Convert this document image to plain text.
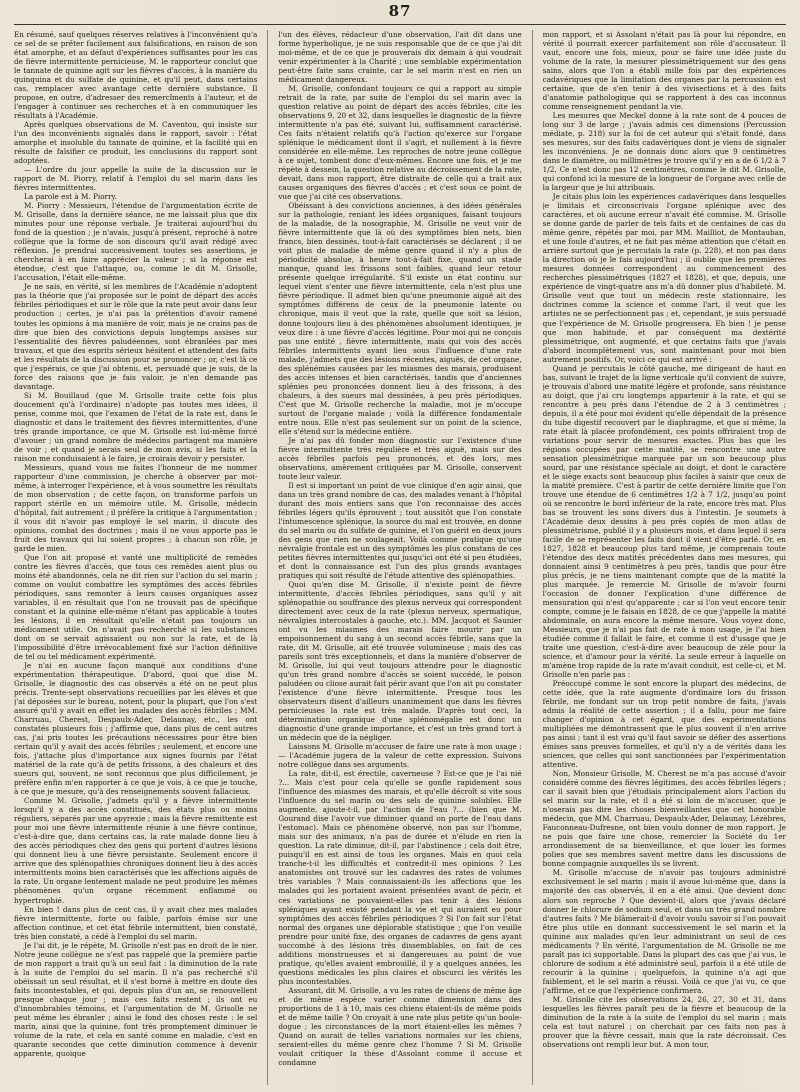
87

En résumé, sauf quelques réserves relatives à l'inconvénient qu'a ce sel de se prêter facilement aux falsifications, en raison de son état amorphe, et au défaut d'expériences suffisantes pour les cas de fièvre intermittente pernicieuse, M. le rapporteur conclut que le tannate de quinine agit sur les fièvres d'accès, à la manière du quinquina et du sulfate de quinine, et qu'il peut, dans certains cas, remplacer avec avantage cette dernière substance. Il propose, en outre, d'adresser des remercîments à l'auteur, et de l'engager à continuer ses recherches et à en communiquer les résultats à l'Académie.

Après quelques observations de M. Caventou, qui insiste sur l'un des inconvénients signalés dans le rapport, savoir : l'état amorphe et insoluble du tannate de quinine, et la facilité qui en résulte de falsifier ce produit, les conclusions du rapport sont adoptées.

— L'ordre du jour appelle la suite de la discussion sur le rapport de M. Piorry, relatif à l'emploi du sel marin dans les fièvres intermittentes.

La parole est à M. Piorry.

M. Piorry : Messieurs, l'étendue de l'argumentation écrite de M. Grisolle, dans la dernière séance, ne me laissait plus que dix minutes pour une réponse verbale. Je traiterai aujourd'hui du fond de la question ; je n'avais, jusqu'à présent, reproché à notre collègue que la forme de son discours qu'il avait rédigé avec réflexion. Je prendrai successivement toutes ses assertions, je chercherai à en faire apprécier la valeur ; si la réponse est étendue, c'est que l'attaque, ou, comme le dit M. Grisolle, l'accusation, l'était elle-même.

Je ne sais, en vérité, si les membres de l'Académie n'adoptent pas la théorie que j'ai proposée sur le point de départ des accès fébriles périodiques et sur le rôle que la rate peut avoir dans leur production ; certes, je n'ai pas la prétention d'avoir ramené toutes les opinions à ma manière de voir, mais je ne crains pas de dire que bien des convictions depuis longtemps assises sur l'essentialité des fièvres paludéennes, sont ébranlées par mes travaux, et que des esprits sérieux hésitent et attendent des faits et les résultats de la discussion pour se prononcer ; or, c'est là ce que j'espérais, ce que j'ai obtenu, et, persuadé que je suis, de la force des raisons que je fais valoir, je n'en demande pas davantage.

Si M. Bouillaud (que M. Grisolle traite cette fois plus doucement qu'à l'ordinaire) n'adopte pas toutes mes idées, il pense, comme moi, que l'examen de l'état de la rate est, dans le diagnostic et dans le traitement des fièvres intermittentes, d'une très grande importance, ce que M. Grisolle est lui-même forcé d'avouer ; un grand nombre de médecins partagent ma manière de voir ; et quand je serais seul de mon avis, si les faits et la raison me conduisaient à le faire, je croirais devoir y persister.

Messieurs, quand vous me faites l'honneur de me nommer rapporteur d'une commission, je cherche à observer par moi-même, à interroger l'expérience, et à vous soumettre les résultats de mon observation ; de cette façon, on transforme parfois un rapport stérile en un mémoire utile. M. Grisolle, médecin d'hôpital, fait autrement ; il préfère la critique à l'argumentation ; il vous dit n'avoir pas employé le sel marin, il discute des opinions, combat des doctrines ; mais il ne vous apporte pas le fruit des travaux qui lui soient propres ; à chacun son rôle, je garde le mien.

Que l'on ait proposé et vanté une multiplicité de remèdes contre les fièvres d'accès, que tous ces remèdes aient plus ou moins été abandonnés, cela ne dit rien sur l'action du sel marin ; comme on voulut combattre les symptômes des accès fébriles périodiques, sans remonter à leurs causes organiques assez variables, il en résultait que l'on ne trouvait pas de spécifique constant et la quinine elle-même n'étant pas applicable à toutes les lésions, il en résultait qu'elle n'était pas toujours un médicament utile. On n'avait pas recherché si les substances dont on se servait agissaient ou non sur la rate, et de là l'impossibilité d'être irrévocablement fixé sur l'action définitive de tel ou tel médicament expérimenté.

Je n'ai en aucune façon manqué aux conditions d'une expérimentation thérapeutique. D'abord, quoi que dise M. Grisolle, le diagnostic des cas observés a été on ne peut plus précis. Trente-sept observations recueillies par les élèves et que j'ai déposées sur le bureau, notent, pour la plupart, que l'on s'est assuré qu'il y avait en effet les malades des accès fébriles ; MM. Charruau, Cherest, Despaulx-Ader, Delaunay, etc., les ont constatés plusieurs fois ; j'affirme que, dans plus de cent autres cas, j'ai pris toutes les précautions nécessaires pour être bien certain qu'il y avait des accès fébriles ; seulement, et encore une fois, j'attache plus d'importance aux signes fournis par l'état matériel de la rate qu'à de petits frissons, à des chaleurs et des sueurs qui, souvent, ne sont reconnus que plus difficilement, je préfère enfin m'en rapporter à ce que je vois, à ce que je touche, à ce que je mesure, qu'à des renseignements souvent fallacieux.

Comme M. Grisolle, j'admets qu'il y a fièvre intermittente lorsqu'il y a des accès constitués, des états plus ou moins réguliers, séparés par une apyrexie ; mais la fièvre remittente est pour moi une fièvre intermittente réunie à une fièvre continue, c'est-à-dire que, dans certains cas, la rate malade donne lieu à des accès périodiques chez des gens qui portent d'autres lésions qui donnent lieu à une fièvre persistante. Seulement encore il arrive que des splénopathies chroniques donnent lieu à des accès intermittents moins bien caractérisés que les affections aiguës de la rate. Un organe lentement malade ne peut produire les mêmes phénomènes qu'un organe récemment enflammé ou hypertrophié.

En bien ! dans plus de cent cas, il y avait chez mes malades fièvre intermittente, forte ou faible, parfois émise sur une affection continue, et cet état fébrile intermittent, bien constaté, très bien constaté, a cédé à l'emploi du sel marin.

Je l'ai dit, je le répète, M. Grisolle n'est pas en droit de le nier. Notre jeune collègue ne s'est pas rappelé que la première partie de mon rapport a trait qu'à un seul fait : la diminution de la rate à la suite de l'emploi du sel marin. Il n'a pas recherché s'il obéissait un seul résultat, et il s'est borné à mettre en doute des faits incontestables, et qui, depuis plus d'un an, se renouvellent presque chaque jour ; mais ces faits restent ; ils ont eu d'innombrables témoins, et l'argumentation de M. Grisolle ne peut même les ébranler ; ainsi le fond des choses reste : le sel marin, ainsi que la quinine, font très promptement diminuer le volume de la rate, et cela en santé comme en maladie, c'est en quarante secondes que cette diminution commence à devenir apparente, quoique

l'un des élèves, rédacteur d'une observation, l'ait dit dans une forme hyperbolique, je ne suis responsable que de ce que j'ai dit moi-même, et de ce que je prouverais dix demain à qui voudrait venir expérimenter à la Charité ; une semblable expérimentation peut-être faite sans crainte, car le sel marin n'est en rien un médicament dangereux.

M. Grisolle, confondant toujours ce qui a rapport au simple retrait de la rate, par suite de l'emploi du sel marin avec la question relative au point de départ des accès fébriles, cite les observations 9, 20 et 32, dans lesquelles le diagnostic de la fièvre intermittente n'a pas été, suivant lui, suffisamment caractérisé. Ces faits n'étaient relatifs qu'à l'action qu'exerce sur l'organe splénique le médicament dont il s'agit, et nullement à la fièvre considérée en elle-même. Les reproches de notre jeune collègue à ce sujet, tombent donc d'eux-mêmes. Encore une fois, et je me répète à dessein, la question relative au décroissement de la rate, devait, dans mon rapport, être distraite de celle qui a trait aux causes organiques des fièvres d'accès ; et c'est sous ce point de vue que j'ai cité ces observations.

Obéissant à des convictions anciennes, à des idées générales sur la pathologie, reniant les idées organiques, faisant toujours de la maladie, de la nosographie, M. Grisolle ne veut voir de fièvre intermittente que là où des symptômes bien nets, bien francs, bien dessinés, tout-à-fait caractérisés se déclarent ; il ne voit plus de maladie de même genre quand il n'y a plus de périodicité absolue, à heure tout-à-fait fixe, quand un stade manque, quand les frissons sont faibles, quand leur retour présente quelque irrégularité. S'il existe un état continu sur lequel vient s'enter une fièvre intermittente, cela n'est plus une fièvre périodique. Il admet bien qu'une pneumonie aiguë ait des symptômes différens de ceux de la pneumonie latente ou chronique, mais il veut que la rate, quelle que soit sa lésion, donne toujours lieu à des phénomènes absolument identiques, je veux dire : à une fièvre d'accès légitime. Pour moi qui ne conçois pas une entité , fièvre intermittente, mais qui vois des accès fébriles intermittents ayant lieu sous l'influence d'une rate malade, j'admets que des lésions récentes, aiguës, de cet organe, des splénémies causées par les miasmes des marais, produisent des accès intenses et bien caractérisés, tandis que d'anciennes splénies peu prononcées donnent lieu à des frissons, à des chaleurs, à des sueurs mal dessinées, à peu près périodiques. C'est que M. Grisolle recherche la maladie, moi je m'occupe surtout de l'organe malade ; voilà la différence fondamentale entre nous. Elle n'est pas seulement sur un point de la science, elle s'étend sur la médecine entière.

Je n'ai pas dû fonder mon diagnostic sur l'existence d'une fièvre intermittente très régulière et très aiguë, mais sur des accès fébriles parfois peu prononcés, et dès lors, mes observations, amèrement critiquées par M. Grisolle, conservent toute leur valeur.

Il est si important un point de vue clinique d'en agir ainsi, que dans un très grand nombre de cas, des malades venant à l'hôpital durant des mois entiers sans que l'on reconnaisse des accès fébriles légers qu'ils éprouvent ; tout aussitôt que l'on constate l'intumescence splénique, la source du mal est trouvée, en donne du sel marin ou du sulfate de quinine, et l'on guérit en deux jours des gens que rien ne soulageait. Voilà comme pratique qu'une névralgie frontale est un des symptômes les plus constans de ces petites fièvres intermittentes qui jusqu'ici ont été si peu étudiées, et dont la connaissance est l'un des plus grands avantages pratiques qui soit résulté de l'étude attentive des splénopathies.

Quoi qu'en dise M. Grisolle, il n'existe point de fièvre intermittente, d'accès fébriles périodiques, sans qu'il y ait splénopathie ou souffrance des plexus nerveux qui correspondent directement avec ceux de la rate (plexus nerveux, spermatique, névralgies intercostales à gauche, etc.). MM. Jacquot et Saunier ont vu les miasmes des marais faire mourir par un empoisonnement du sang à un second accès fébrile, sans que la rate, dit M. Grisolle, ait été trouvée volumineuse ; mais des cas pareils sont très exceptionnels, et dans la manière d'observer de M. Grisolle, lui qui veut toujours attendre pour le diagnostic qu'un très grand nombre d'accès se soient succédé, le poison paludéen ou cliose aurait fait périr avant que l'on ait pu constater l'existence d'une fièvre intermittente. Presque tous les observateurs disent d'ailleurs unanimement que dans les fièvres pernicieuses la rate est très malade. D'après tout ceci, la détermination organique d'une splénomégalie est donc un diagnostic d'une grande importance, et c'est un très grand tort à un médecin que de la négliger.

Laissons M. Grisolle m'accuser de faire une rate à mon usage ; — l'Académie jugera de la valeur de cette expression. Suivons notre collègue dans ses arguments.

La rate, dit-il, est érectile, caverneuse ? Est-ce que je l'ai nié ?... Mais c'est pour cela qu'elle se gonfle rapidement sous l'influence des miasmes des marais, et qu'elle décroît si vite sous l'influence du sel marin ou des sels de quinine solubles. Elle augmente, ajoute-t-il, par l'action de l'eau ?... (bien que M. Gourand dise l'avoir vue diminuer quand on porte de l'eau dans l'estomac). Mais ce phénomène observé, non pas sur l'homme, mais sur des animaux, n'a pas de durée et n'élude en rien la question. La rate diminue, dit-il, par l'abstinence ; cela doit être, puisqu'il en est ainsi de tous les organes. Mais en quoi cela tranche-t-il les difficultés et contredit-il mes opinions ? Les anatomistes ont trouvé sur les cadavres des rates de volumes très variables ? Mais connaissaient-ils les affections que les malades qui les portaient avaient présentées avant de périr, et ces variations ne pouvaient-elles pas tenir à des lésions spléniques ayant existé pendant la vie et qui auraient eu pour symptômes des accès fébriles périodiques ? Si l'on fait sur l'état normal des organes une déplorable statistique ; que l'on veuille prendre pour unité fixe, des organes de cadavres de gens ayant succombé à des lésions très dissemblables, on fait de ces additions monstrueuses et si dangereuses au point de vue pratique, qu'elles avaient embrouillé, il y a quelques années, les questions médicales les plus claires et obscurci les vérités les plus incontestables.

Assurant, dit M. Grisolle, a vu les rates de chiens de même âge et de même espèce varier comme dimension dans des proportions de 1 à 10, mais ces chiens étaient-ils de même poids et de même taille ? On croyait à une rate plus petite qu'un boule-dogue ; les circonstances de la mort étaient-elles les mêmes ? Quand on aurait de telles variations normales sur les chiens, seraient-elles du même genre chez l'homme ? Si M. Grisolle voulait critiquer la thèse d'Assolant comme il accuse et condamne

mon rapport, et si Assolant n'était pas là pour lui répondre, en vérité il pourrait exercer parfaitement son rôle d'accusateur. Il vaut, encore une fois, mieux, pour se faire une idée juste du volume de la rate, la mesurer plessimétriquement sur des gens sains, alors que l'on a établi mille fois par des expériences cadavériques que la limitation des organes par la percussion est certaine, que de s'en tenir à des vivisections et à des faits d'anatomie pathologique qui se rapportent à des cas inconnus comme renseignement pendant la vie.

Les mesures que Meckel donne à la rate sont de 4 pouces de long sur 3 de large ; j'avais admis ces dimensions (Percussion médiate, p. 218) sur la foi de cet auteur qui s'était fondé, dans ses mesures, sur des faits cadavériques dont je viens de signaler les inconvéniens. Je ne donnais donc alors que 9 centimètres dans le diamètre, ou millimètres je trouve qu'il y en a de 6 1/2 à 7 1/2. Ce n'est donc pas 12 centimètres, comme le dit M. Grisolle, qui confond ici la mesure de la longueur de l'organe avec celle de la largeur que je lui attribuais.

Je citais plus loin les expériences cadavériques dans lesquelles je limitais et circonscrivais l'organe splénique avec des caractères, et où aucune erreur n'avait été commise. M. Grisolle se donne garde de parler de tels faits et de centaines de cas du même genre, répétés par moi, par MM. Mailliot, de Montauban, et une foule d'autres, et ne fait pas même attention que c'était en arrière surtout que je percutais la rate (p. 228), et non pas dans la direction où je le fais aujourd'hui ; il oublie que les premières mesures données correspondent au commencement des recherches plessimétriques (1827 et 1828), et que, depuis, une expérience de vingt-quatre ans m'a dû donner plus d'habileté. M. Grisolle veut que tout un médecin reste stationnaire, les doctrines comme la science et comme l'art, il veut que les artistes ne se perfectionnent pas ; et, cependant, je suis persuadé que l'expérience de M. Grisolle progressera. Eh bien ! je pense que mon habitude, et par conséquent ma dextérité plessimétrique, ont augmenté, et que certains faits que j'avais d'abord incomplètement vus, sont maintenant pour moi bien autrement positifs. Or, voici ce qui est arrivé :

Quand je percutais le côté gauche, me dirigeant de haut en bas, suivant le trajet de la ligne verticale qu'il convient de suivre, je trouvais d'abord une matité légère et profonde, sans résistance au doigt, que j'ai cru longtemps appartenir à la rate, et qui se rencontre à peu près dans l'étendue de 2 à 3 centimètres ; depuis, il a été pour moi évident qu'elle dépendait de la présence du tube digestif recouvert par le diaphragme, et que si même, la rate était là placée profondément, ces points offriraient trop de variations pour servir de mesures exactes. Plus bas que les régions occupées par cette matité, se rencontre une autre sensation plessimétrique marquée par un son beaucoup plus sourd, par une résistance spéciale au doigt, et dont le caractère et le siège exacts sont beaucoup plus faciles à saisir que ceux de la matité première. C'est à partir de cette dernière limite que l'on trouve une étendue de 6 centimètres 1/2 à 7 1/2, jusqu'au point où se rencontre le bord inférieur de la rate, encore très mat. Plus bas se trouvent les sons divers dus à l'intestin. Je soumets à l'Académie deux dessins à peu près copiés de mon atlas de plessimétrisme, publié il y a plusieurs mois, et dans lequel il sera facile de se représenter les faits dont il vient d'être parlé. Or, en 1827, 1828 et beaucoup plus tard même, je comprenais toute l'étendue des deux matités précédentes dans mes mesures, qui donnaient ainsi 9 centimètres à peu près, tandis que pour être plus précis, je ne tiens maintenant compte que de la matité la plus marquée. Je remercie M. Grisolle de m'avoir fourni l'occasion de donner l'explication d'une différence de mensuration qui n'est qu'apparente ; car si l'on veut encore tenir compte, comme je le faisais en 1828, de ce que j'appelle la matité abdominale, on aura encore la même mesure. Vous voyez donc, Messieurs, que je n'ai pas fait de rate à mon usage, je l'ai bien étudiée comme il fallait le faire, et comme il est d'usage que je traite une question, c'est-à-dire avec beaucoup de zèle pour la science, et d'amour pour la vérité. La seule erreur à laquelle on m'amène trop rapide de la rate m'avait conduit, est celle-ci, et M. Grisolle n'en parle pas :

Préoccupé comme le sont encore la plupart des médecins, de cette idée, que la rate augmente d'ordinaire lors du frisson fébrile, me fondant sur un trop petit nombre de faits, j'avais admis la réalité de cette assertion ; il a fallu, pour me faire changer d'opinion à cet égard, que des expérimentations multipliées me démontrassent que le plus souvent il n'en arrive pas ainsi ; tant il est vrai qu'il faut savoir se défier des assertions émises sans preuves formelles, et qu'il n'y a de vérités dans les sciences, que celles qui sont sanctionnées par l'expérimentation attentive.

Non, Monsieur Grisolle, M. Cherest ne m'a pas accusé d'avoir considéré comme des fièvres légitimes, des accès fébriles légers ; car il savait bien que j'étudiais principalement alors l'action du sel marin sur la rate, et il a été si loin de m'accuser, que je n'oserais pas dire les choses bienveillantes que cet honorable médecin, que MM. Charruau, Despaulx-Ader, Delaunay, Lézèbres, Fauconneau-Dufresne, ont bien voulu donner de mon rapport. Je ne puis que faire une chose, remercier la Société du 1er arrondissement de sa bienveillance, et que louer les formes polies que ses membres savent mettre dans les discussions de bonne compagnie auxquelles ils se livrent.

M. Grisolle m'accuse de n'avoir pas toujours administré exclusivement le sel marin ; mais il avoue lui-même que, dans la majorité des cas observés, il en a été ainsi. Que devient donc alors son reproche ? Que devient-il, alors que j'avais déclaré donner le chlorure de sodium seul, et dans un très grand nombre d'autres faits ? Me blâmerait-il d'avoir voulu savoir si l'on pouvait être plus utile en donnant successivement le sel marin et la quinine aux malades qu'en leur administrant un seul de ces médicaments ? En vérité, l'argumentation de M. Grisolle ne me paraît pas ici supportable. Dans la plupart des cas que j'ai vus, le chlorure de sodium a été administré seul, parfois il a été utile de recourir à la quinine ; quelquefois, la quinine n'a agi que faiblement, et le sel marin a réussi. Voilà ce que j'ai vu, ce que j'affirme, et ce que l'expérience confirmera.

M. Grisolle cite les observations 24, 26, 27, 30 et 31, dans lesquelles les fièvres paraît peu de la fièvre et beaucoup de la diminution de la rate à la suite de l'emploi du sel marin ; mais cela est tout naturel ; on cherchait par ces faits non pas à prouver que la fièvre cessait, mais que la rate décroissait. Ces observations ont rempli leur but. A mon tour,
